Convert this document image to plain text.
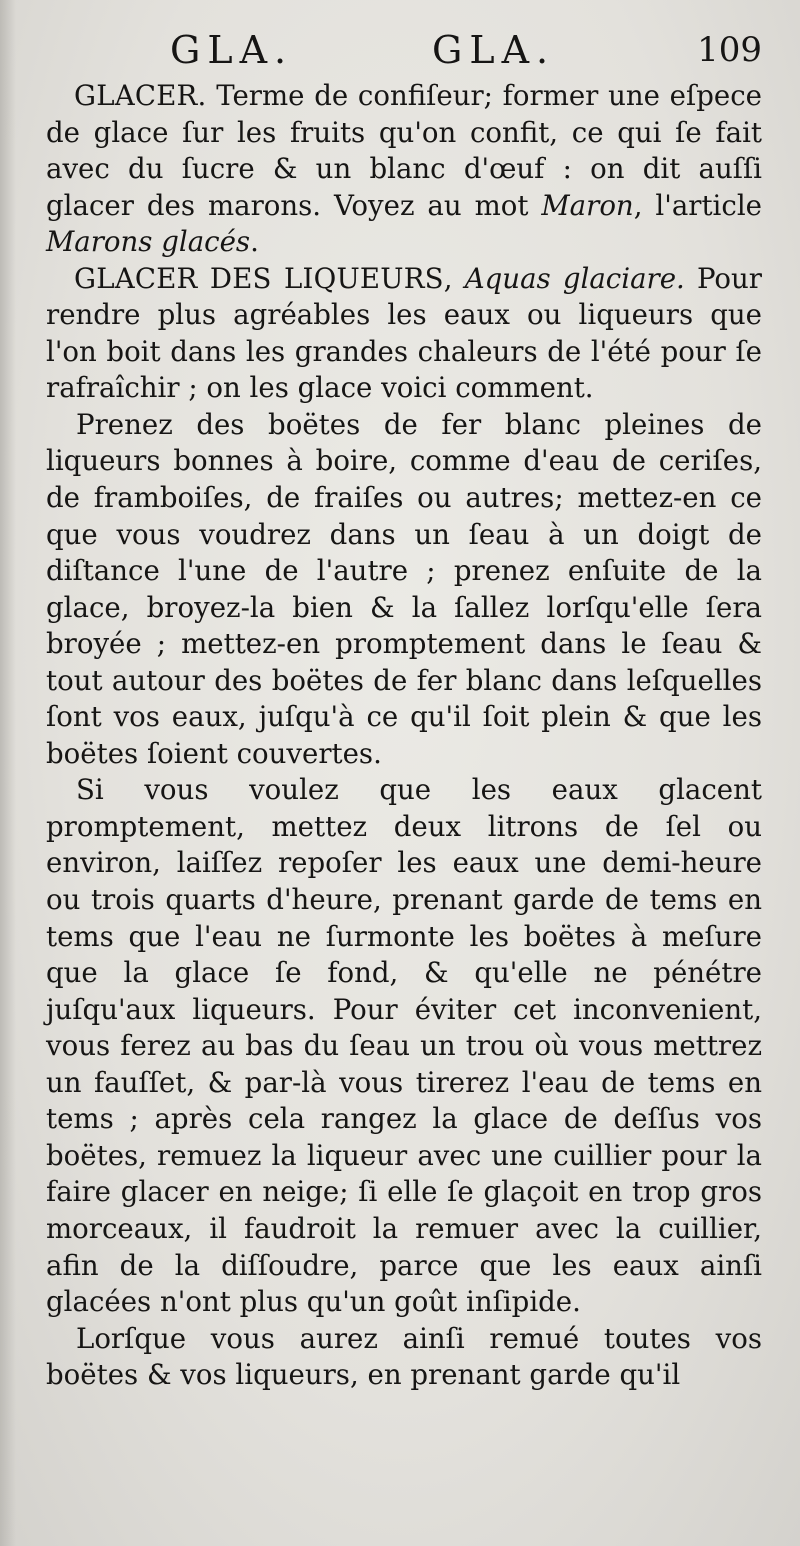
GLA.	GLA.	109

GLACER. Terme de confiſeur; former une eſpece de glace ſur les fruits qu'on confit, ce qui ſe fait avec du ſucre & un blanc d'œuf : on dit auſſi glacer des marons. Voyez au mot Maron, l'article Marons glacés.

GLACER DES LIQUEURS, Aquas glaciare. Pour rendre plus agréables les eaux ou liqueurs que l'on boit dans les grandes chaleurs de l'été pour ſe rafraîchir ; on les glace voici comment.

Prenez des boëtes de fer blanc pleines de liqueurs bonnes à boire, comme d'eau de ceriſes, de framboiſes, de fraiſes ou autres; mettez-en ce que vous voudrez dans un ſeau à un doigt de diſtance l'une de l'autre ; prenez enſuite de la glace, broyez-la bien & la ſallez lorſqu'elle ſera broyée ; mettez-en promptement dans le ſeau & tout autour des boëtes de fer blanc dans leſquelles ſont vos eaux, juſqu'à ce qu'il ſoit plein & que les boëtes ſoient couvertes.

Si vous voulez que les eaux glacent promptement, mettez deux litrons de ſel ou environ, laiſſez repoſer les eaux une demi-heure ou trois quarts d'heure, prenant garde de tems en tems que l'eau ne ſurmonte les boëtes à meſure que la glace ſe fond, & qu'elle ne pénétre juſqu'aux liqueurs. Pour éviter cet inconvenient, vous ferez au bas du ſeau un trou où vous mettrez un fauſſet, & par-là vous tirerez l'eau de tems en tems ; après cela rangez la glace de deſſus vos boëtes, remuez la liqueur avec une cuillier pour la faire glacer en neige; ſi elle ſe glaçoit en trop gros morceaux, il faudroit la remuer avec la cuillier, afin de la diſſoudre, parce que les eaux ainſi glacées n'ont plus qu'un goût inſipide.

Lorſque vous aurez ainſi remué toutes vos boëtes & vos liqueurs, en prenant garde qu'il
